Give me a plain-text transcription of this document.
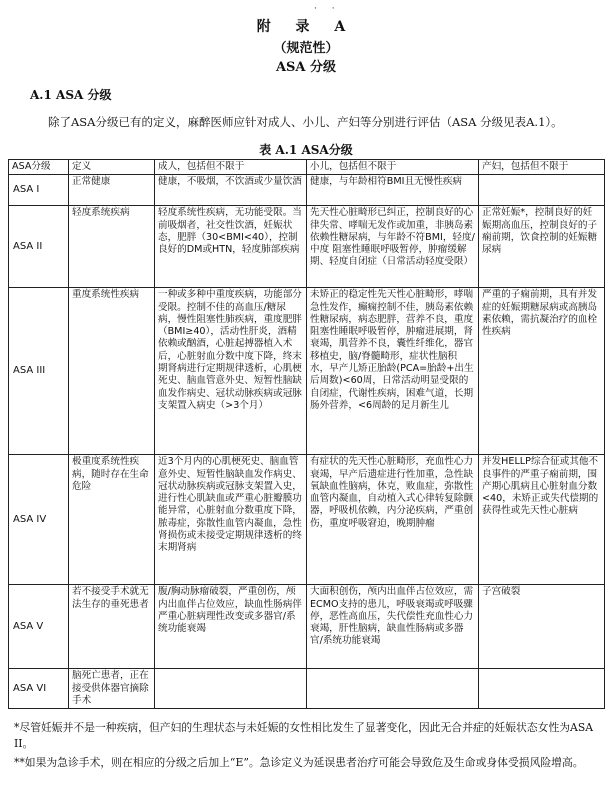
· ·
附 录 A
（规范性）
ASA 分级
A.1 ASA 分级
除了ASA分级已有的定义，麻醉医师应针对成人、小儿、产妇等分别进行评估（ASA 分级见表A.1）。
表 A.1 ASA分级
ASA分级	定义	成人，包括但不限于	小儿，包括但不限于	产妇，包括但不限于
ASA I	正常健康	健康，不吸烟，不饮酒或少量饮酒	健康，与年龄相符BMI且无慢性疾病	
ASA II	轻度系统疾病	轻度系统性疾病，无功能受限。当前吸烟者，社交性饮酒，妊娠状态，肥胖（30<BMI<40），控制良好的DM或HTN，轻度肺部疾病	先天性心脏畸形已纠正，控制良好的心律失常、哮喘无发作或加重，非胰岛素依赖性糖尿病，与年龄不符BMI，轻度/中度 阻塞性睡眠呼吸暂停，肿瘤缓解期、轻度自闭症（日常活动轻度受限）	正常妊娠*，控制良好的妊娠期高血压，控制良好的子痫前期，饮食控制的妊娠糖尿病
ASA III	重度系统性疾病	一种或多种中重度疾病，功能部分受限。控制不佳的高血压/糖尿病，慢性阻塞性肺疾病，重度肥胖（BMI≥40），活动性肝炎，酒精依赖或酗酒，心脏起搏器植入术后，心脏射血分数中度下降，终末期肾病进行定期规律透析，心肌梗死史、脑血管意外史、短暂性脑缺血发作病史、冠状动脉疾病或冠脉支架置入病史（>3个月）	未矫正的稳定性先天性心脏畸形，哮喘急性发作，癫痫控制不佳，胰岛素依赖性糖尿病，病态肥胖，营养不良，重度阻塞性睡眠呼吸暂停，肿瘤进展期，肾衰竭，肌营养不良，囊性纤维化，器官移植史，脑/脊髓畸形，症状性脑积水，早产儿矫正胎龄(PCA=胎龄+出生后周数)<60周，日常活动明显受限的自闭症，代谢性疾病，困难气道，长期肠外营养，<6周龄的足月新生儿	严重的子痫前期，具有并发症的妊娠期糖尿病或高胰岛素依赖，需抗凝治疗的血栓性疾病
ASA IV	极重度系统性疾病，随时存在生命危险	近3个月内的心肌梗死史、脑血管意外史、短暂性脑缺血发作病史、冠状动脉疾病或冠脉支架置入史，进行性心肌缺血或严重心脏瓣膜功能异常，心脏射血分数重度下降，脓毒症，弥散性血管内凝血，急性肾损伤或未接受定期规律透析的终末期肾病	有症状的先天性心脏畸形，充血性心力衰竭，早产后遗症进行性加重，急性缺氧缺血性脑病，休克，败血症，弥散性血管内凝血，自动植入式心律转复除颤器，呼吸机依赖，内分泌疾病，严重创伤，重度呼吸窘迫，晚期肿瘤	并发HELLP综合征或其他不良事件的严重子痫前期，围产期心肌病且心脏射血分数<40，未矫正或失代偿期的获得性或先天性心脏病
ASA V	若不接受手术就无法生存的垂死患者	腹/胸动脉瘤破裂，严重创伤，颅内出血伴占位效应，缺血性肠病伴严重心脏病理性改变或多器官/系统功能衰竭	大面积创伤，颅内出血伴占位效应，需ECMO支持的患儿，呼吸衰竭或呼吸骤停，恶性高血压，失代偿性充血性心力衰竭，肝性脑病，缺血性肠病或多器官/系统功能衰竭	子宫破裂
ASA VI	脑死亡患者，正在接受供体器官摘除手术			
*尽管妊娠并不是一种疾病，但产妇的生理状态与未妊娠的女性相比发生了显著变化，因此无合并症的妊娠状态女性为ASA II。
**如果为急诊手术，则在相应的分级之后加上“E”。急诊定义为延误患者治疗可能会导致危及生命或身体受损风险增高。
